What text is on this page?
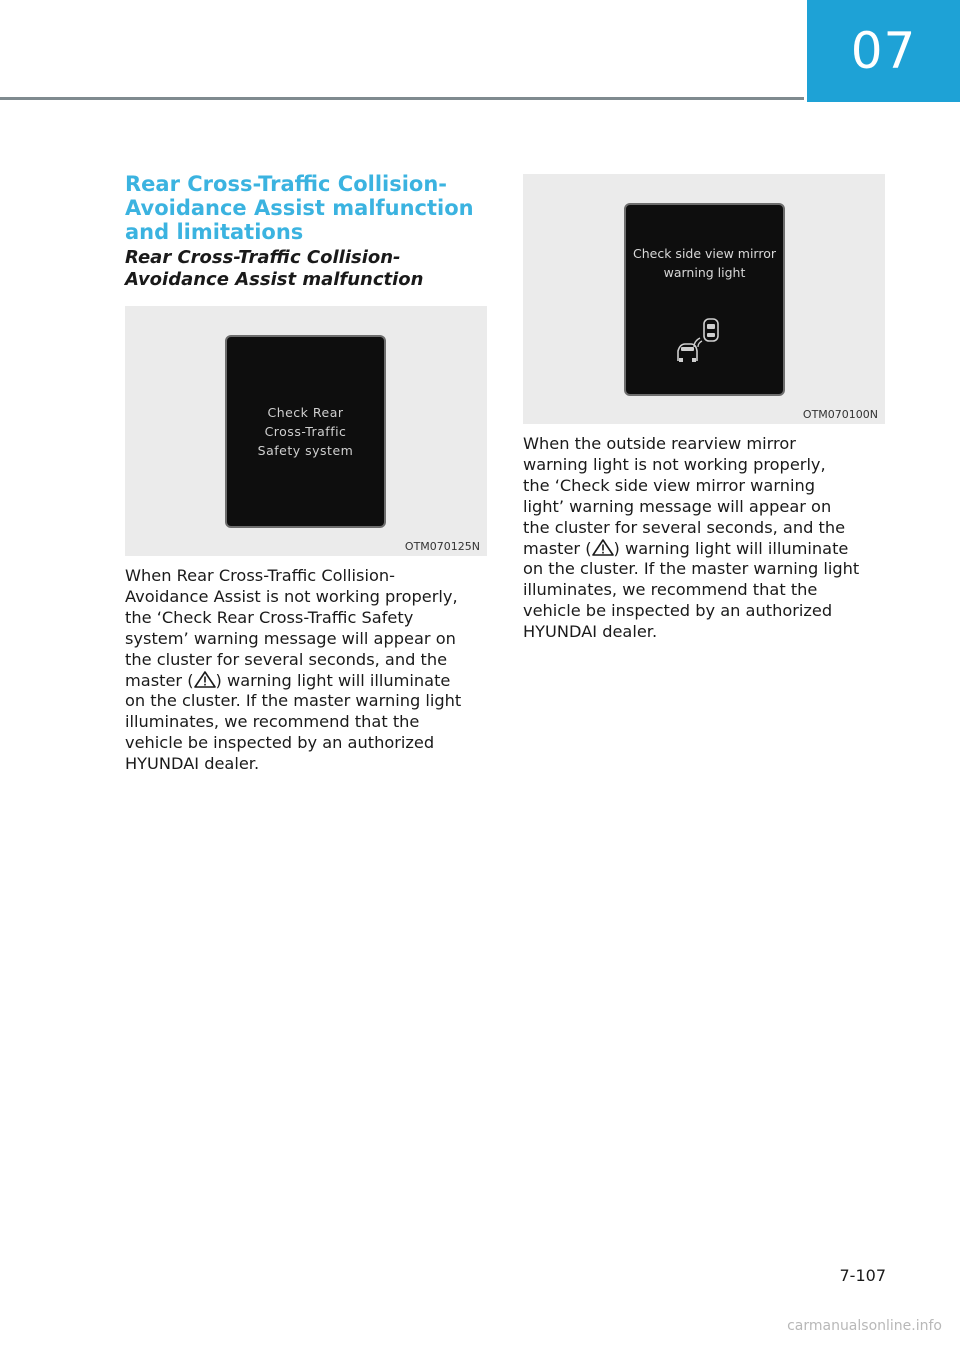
07
Rear Cross-Traffic Collision-
Avoidance Assist malfunction
and limitations
Rear Cross-Traffic Collision-
Avoidance Assist malfunction
Check Rear
Cross-Traffic
Safety system
OTM070125N

When Rear Cross-Traffic Collision-
Avoidance Assist is not working properly,
the ‘Check Rear Cross-Traffic Safety
system’ warning message will appear on
the cluster for several seconds, and the
master ( ) warning light will illuminate
on the cluster. If the master warning light
illuminates, we recommend that the
vehicle be inspected by an authorized
HYUNDAI dealer.

Check side view mirror
warning light
OTM070100N

When the outside rearview mirror
warning light is not working properly,
the ‘Check side view mirror warning
light’ warning message will appear on
the cluster for several seconds, and the
master ( ) warning light will illuminate
on the cluster. If the master warning light
illuminates, we recommend that the
vehicle be inspected by an authorized
HYUNDAI dealer.

7-107
carmanualsonline.info
